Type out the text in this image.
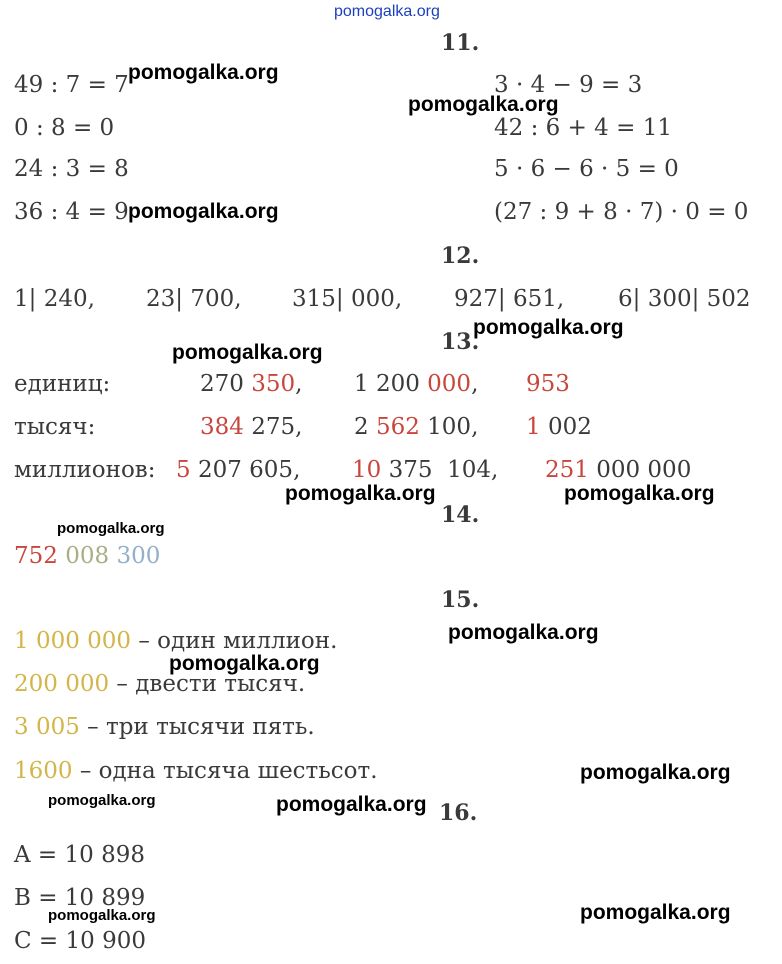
pomogalka.org
11.
49 : 7 = 7
0 : 8 = 0
24 : 3 = 8
36 : 4 = 9
3 · 4 − 9 = 3
42 : 6 + 4 = 11
5 · 6 − 6 · 5 = 0
(27 : 9 + 8 · 7) · 0 = 0
pomogalka.org
pomogalka.org
pomogalka.org
12.
1| 240, 23| 700, 315| 000, 927| 651, 6| 300| 502
pomogalka.org
13.
pomogalka.org
единиц:	270 350, 1 200 000, 953
тысяч:	384 275, 2 562 100, 1 002
миллионов: 5 207 605, 10 375  104, 251 000 000
pomogalka.org	pomogalka.org
14.
pomogalka.org
752 008 300
15.
pomogalka.org
1 000 000 – один миллион.
pomogalka.org
200 000 – двести тысяч.
3 005 – три тысячи пять.
1600 – одна тысяча шестьсот.	pomogalka.org
pomogalka.org	pomogalka.org 16.
A = 10 898
B = 10 899
pomogalka.org	pomogalka.org
C = 10 900
